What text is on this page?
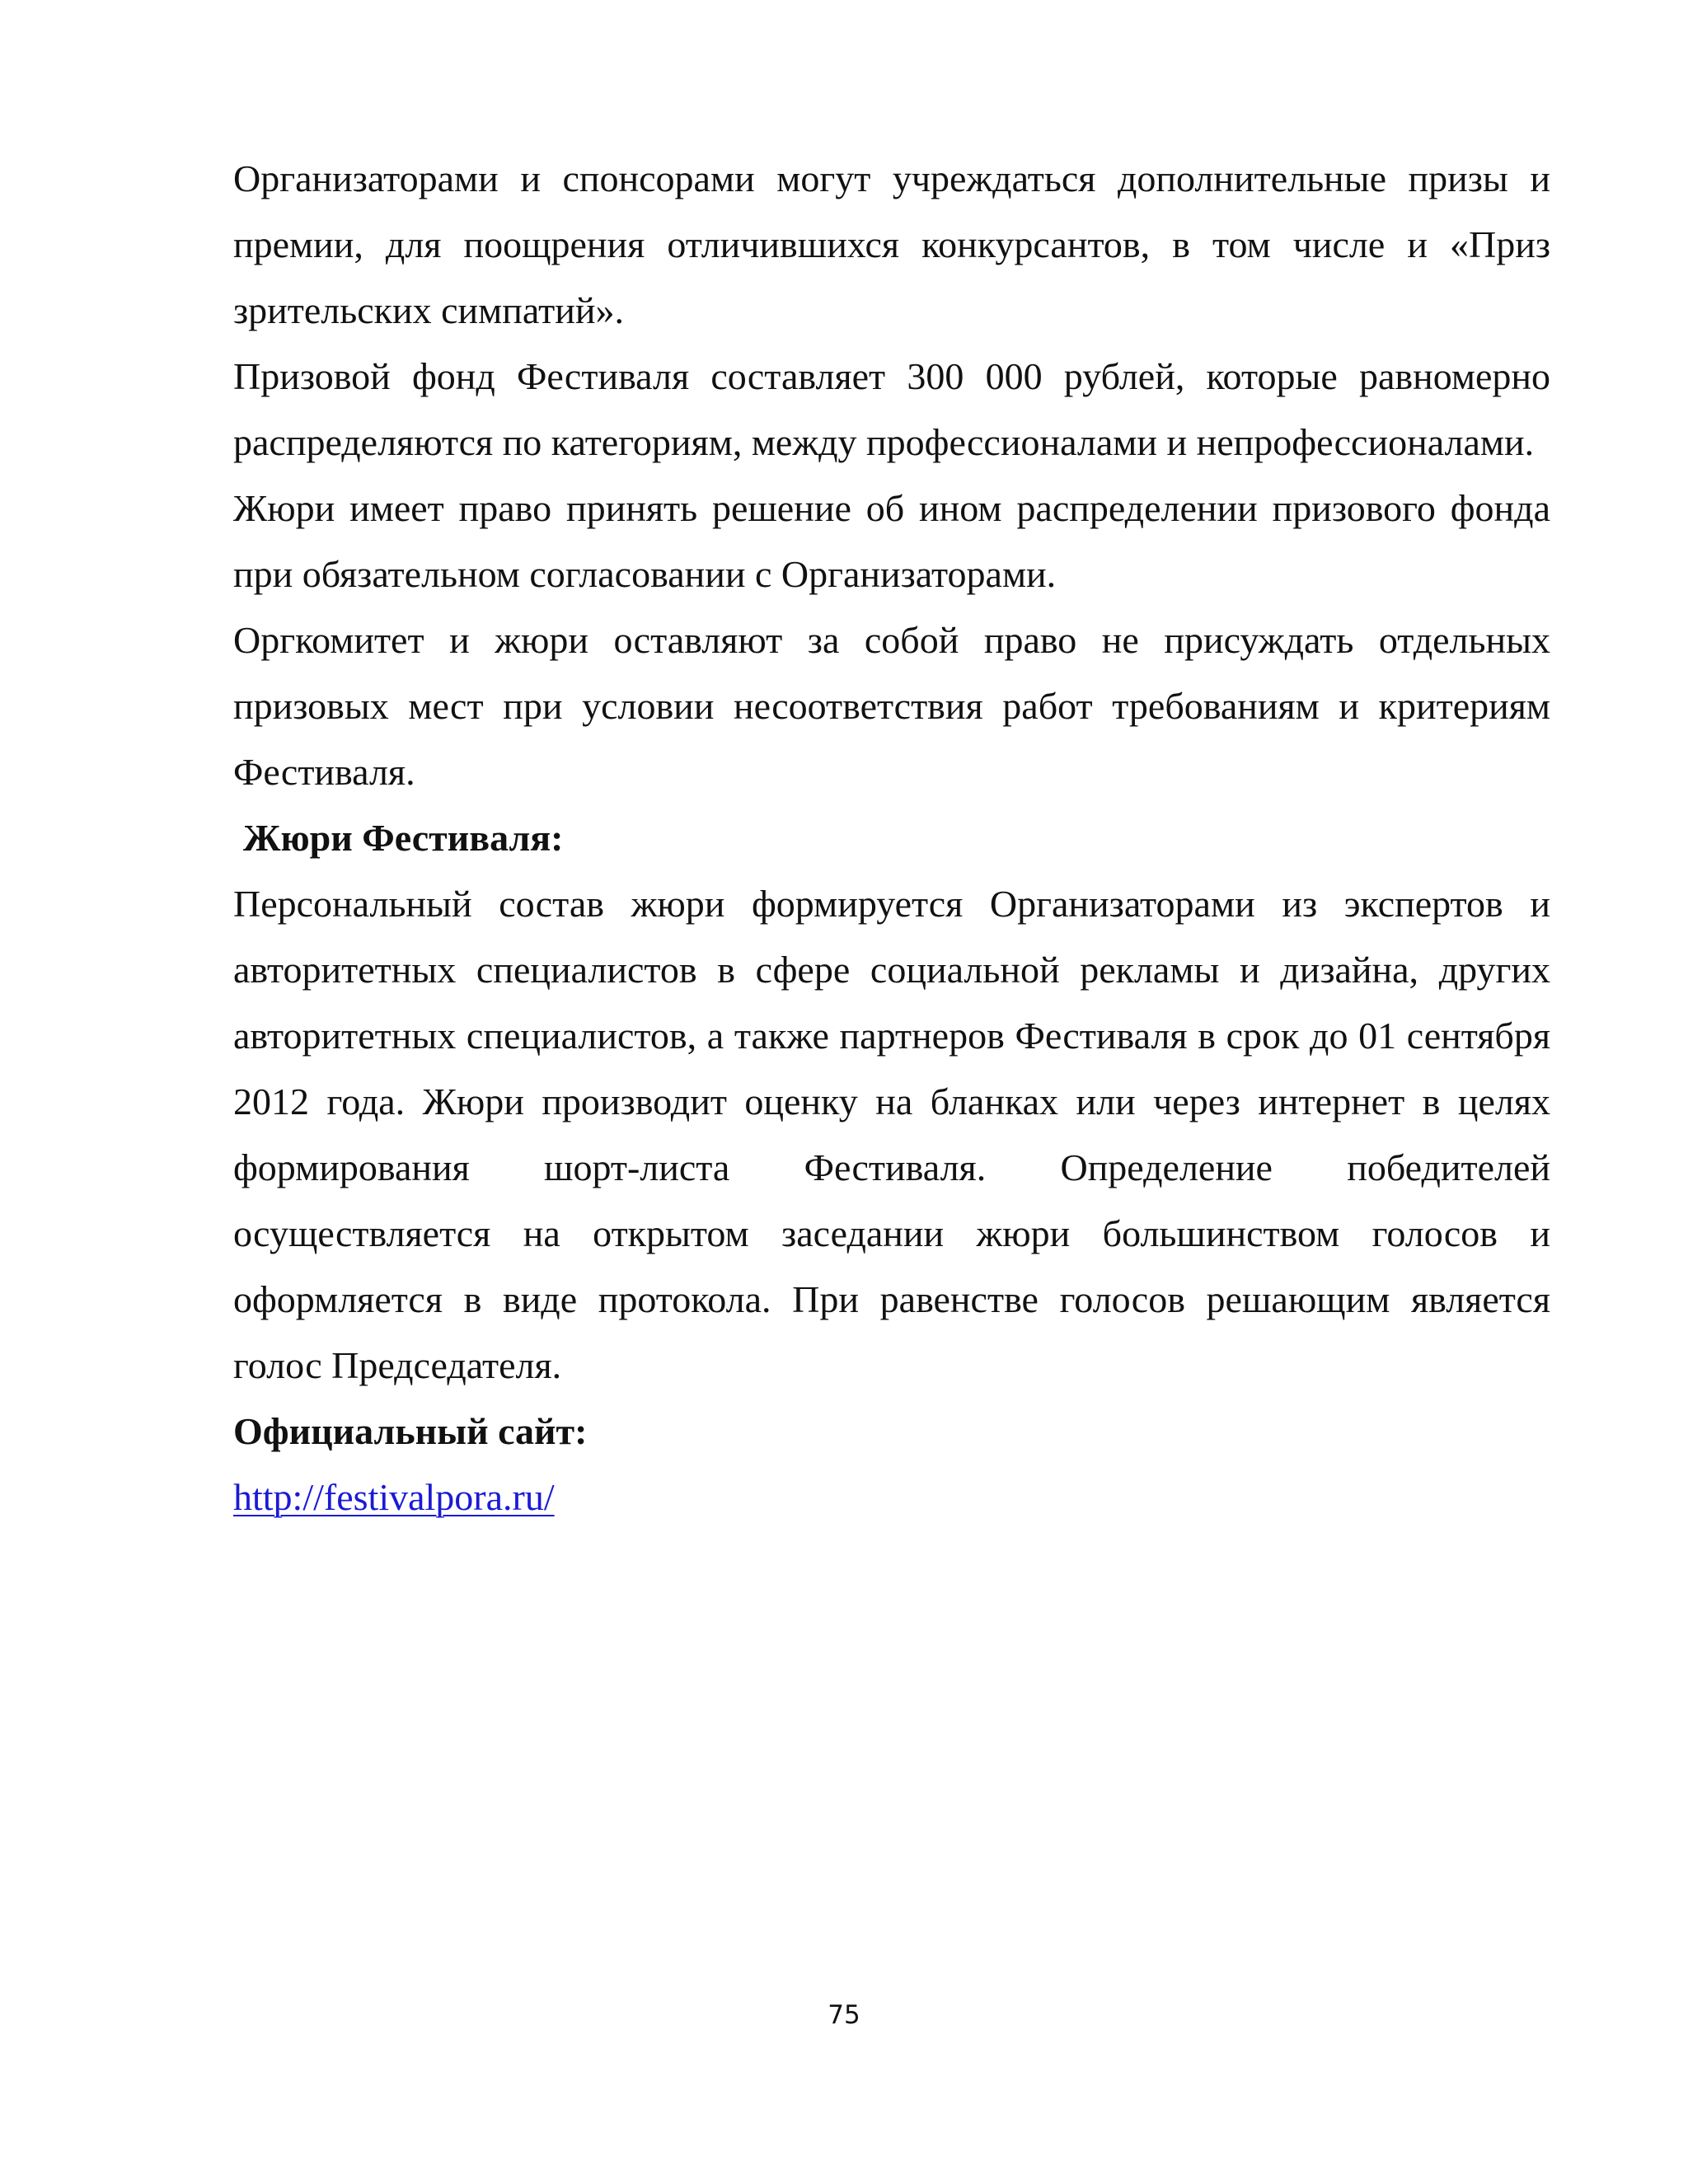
Организаторами и спонсорами могут учреждаться дополнительные призы и премии, для поощрения отличившихся конкурсантов, в том числе и «Приз зрительских симпатий».

Призовой фонд Фестиваля составляет 300 000 рублей, которые равномерно распределяются по категориям, между профессионалами и непрофессионалами.

Жюри имеет право принять решение об ином распределении призового фонда при обязательном согласовании с Организаторами.

Оргкомитет и жюри оставляют за собой право не присуждать отдельных призовых мест при условии несоответствия работ требованиям и критериям Фестиваля.

Жюри Фестиваля:

Персональный состав жюри формируется Организаторами из экспертов и авторитетных специалистов в сфере социальной рекламы и дизайна, других авторитетных специалистов, а также партнеров Фестиваля в срок до 01 сентября 2012 года. Жюри производит оценку на бланках или через интернет в целях формирования шорт-листа Фестиваля. Определение победителей осуществляется на открытом заседании жюри большинством голосов и оформляется в виде протокола. При равенстве голосов решающим является голос Председателя.

Официальный сайт:

http://festivalpora.ru/

75
